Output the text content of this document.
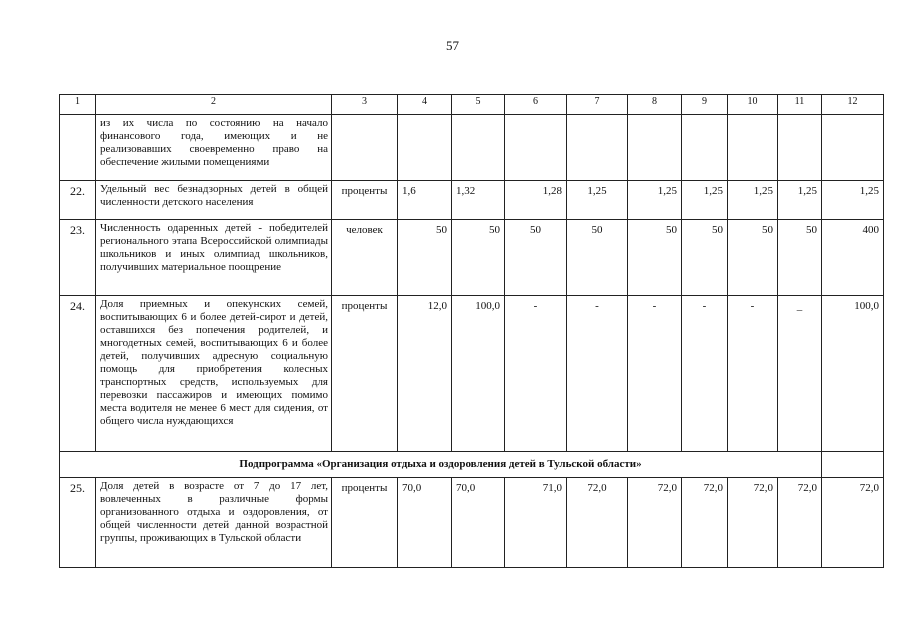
57
1	2	3	4	5	6	7	8	9	10	11	12
	из их числа по состоянию на начало финансового года, имеющих и не реализовавших своевременно право на обеспечение жилыми помещениями										
22.	Удельный вес безнадзорных детей в общей численности детского населения	проценты	1,6	1,32	1,28	1,25	1,25	1,25	1,25	1,25	1,25
23.	Численность одаренных детей - победителей регионального этапа Всероссийской олимпиады школьников и иных олимпиад школьников, получивших материальное поощрение	человек	50	50	50	50	50	50	50	50	400
24.	Доля приемных и опекунских семей, воспитывающих 6 и более детей-сирот и детей, оставшихся без попечения родителей, и многодетных семей, воспитывающих 6 и более детей, получивших адресную социальную помощь для приобретения колесных транспортных средств, используемых для перевозки пассажиров и имеющих помимо места водителя не менее 6 мест для сидения, от общего числа нуждающихся	проценты	12,0	100,0	-	-	-	-	-	_	100,0
Подпрограмма «Организация отдыха и оздоровления детей в Тульской области»											
25.	Доля детей в возрасте от 7 до 17 лет, вовлеченных в различные формы организованного отдыха и оздоровления, от общей численности детей данной возрастной группы, проживающих в Тульской области	проценты	70,0	70,0	71,0	72,0	72,0	72,0	72,0	72,0	72,0
